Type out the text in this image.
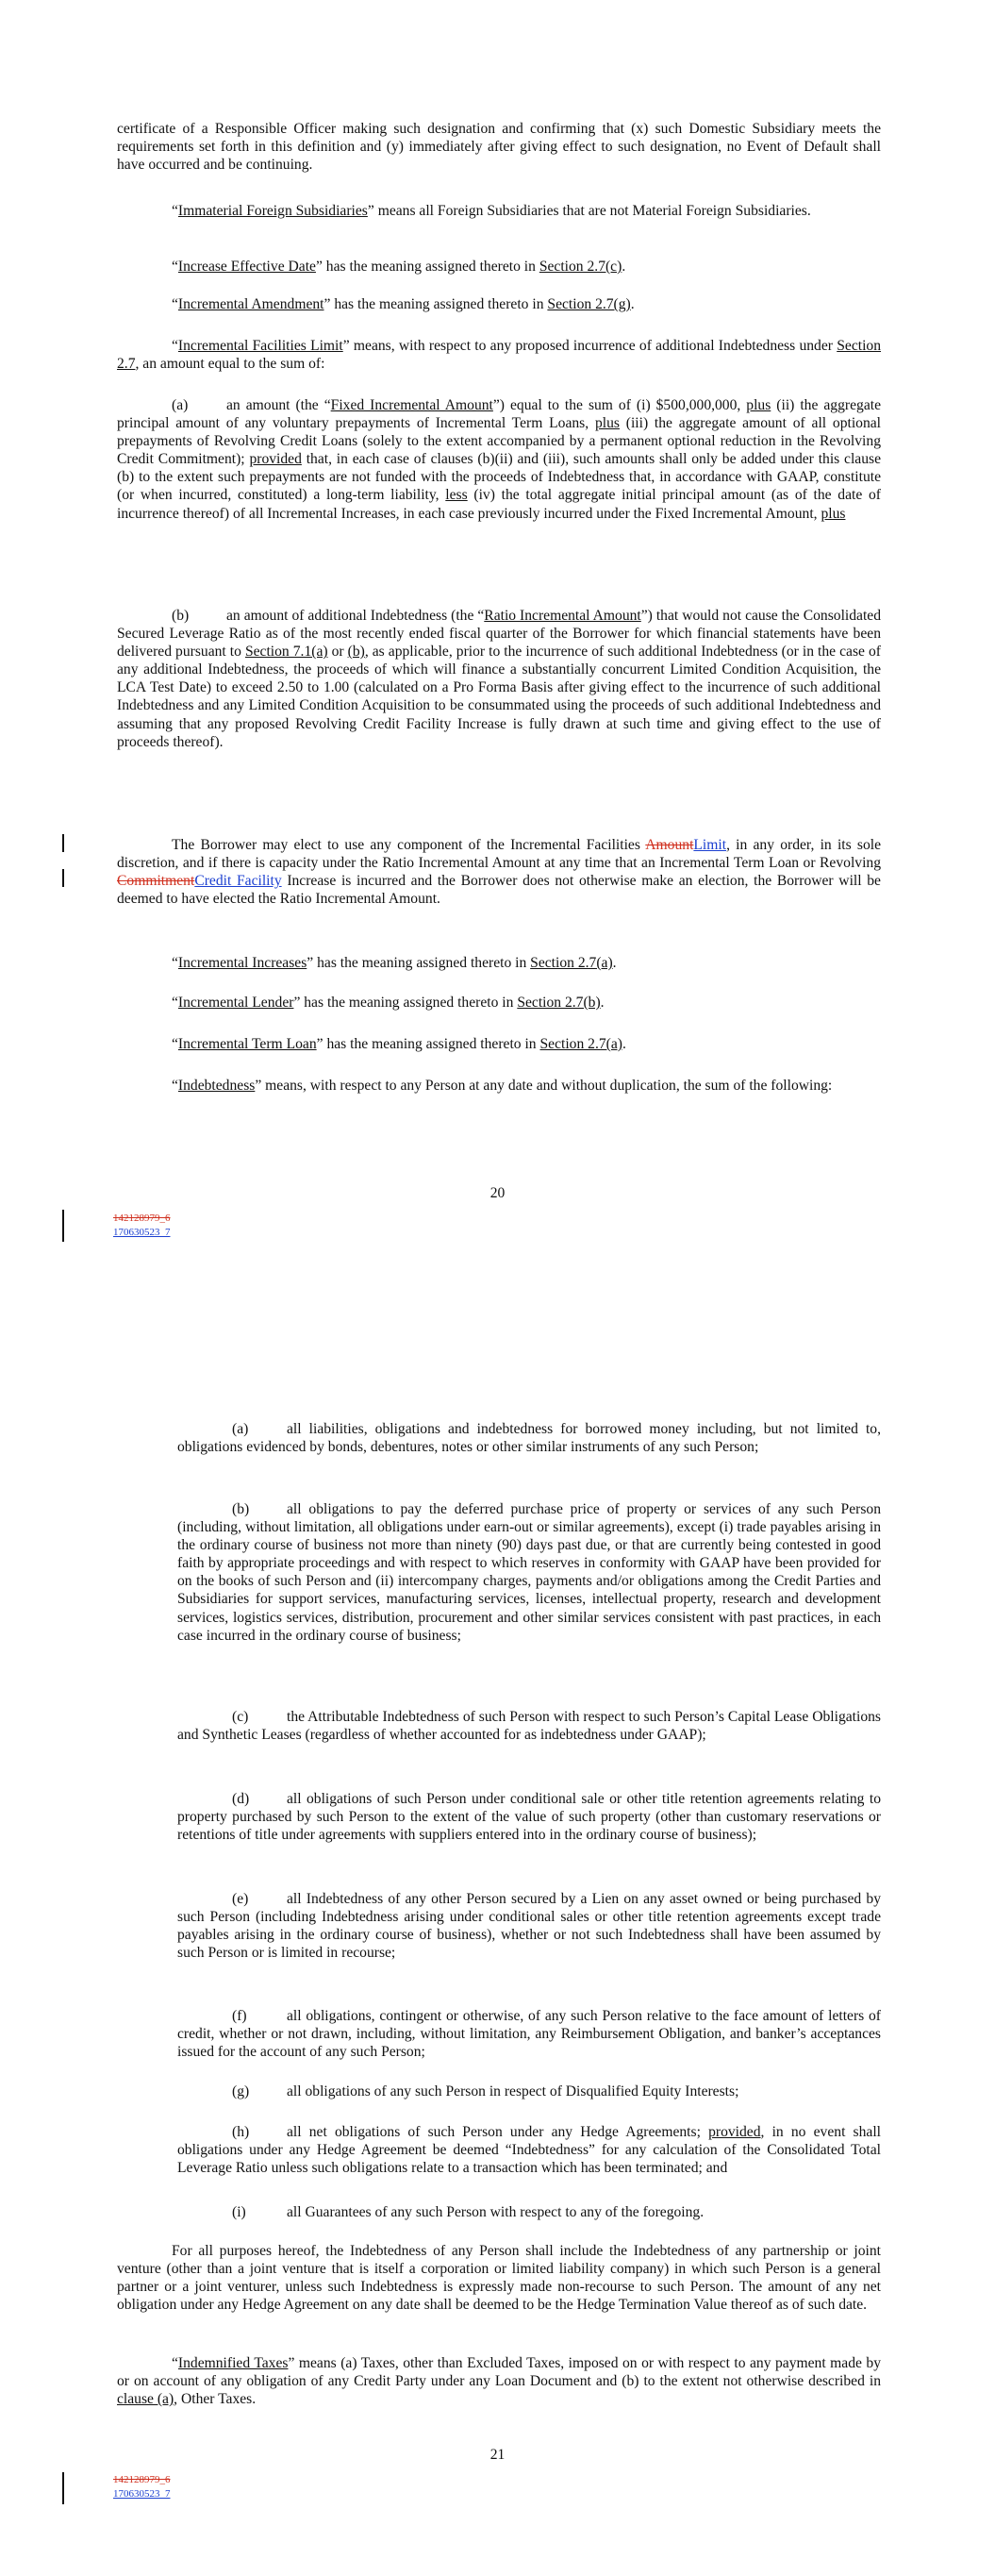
certificate of a Responsible Officer making such designation and confirming that (x) such Domestic Subsidiary meets the requirements set forth in this definition and (y) immediately after giving effect to such designation, no Event of Default shall have occurred and be continuing.

“Immaterial Foreign Subsidiaries” means all Foreign Subsidiaries that are not Material Foreign Subsidiaries.

“Increase Effective Date” has the meaning assigned thereto in Section 2.7(c).

“Incremental Amendment” has the meaning assigned thereto in Section 2.7(g).

“Incremental Facilities Limit” means, with respect to any proposed incurrence of additional Indebtedness under Section 2.7, an amount equal to the sum of:

(a)	an amount (the “Fixed Incremental Amount”) equal to the sum of (i) $500,000,000, plus (ii) the aggregate principal amount of any voluntary prepayments of Incremental Term Loans, plus (iii) the aggregate amount of all optional prepayments of Revolving Credit Loans (solely to the extent accompanied by a permanent optional reduction in the Revolving Credit Commitment); provided that, in each case of clauses (b)(ii) and (iii), such amounts shall only be added under this clause (b) to the extent such prepayments are not funded with the proceeds of Indebtedness that, in accordance with GAAP, constitute (or when incurred, constituted) a long-term liability, less (iv) the total aggregate initial principal amount (as of the date of incurrence thereof) of all Incremental Increases, in each case previously incurred under the Fixed Incremental Amount, plus

(b)	an amount of additional Indebtedness (the “Ratio Incremental Amount”) that would not cause the Consolidated Secured Leverage Ratio as of the most recently ended fiscal quarter of the Borrower for which financial statements have been delivered pursuant to Section 7.1(a) or (b), as applicable, prior to the incurrence of such additional Indebtedness (or in the case of any additional Indebtedness, the proceeds of which will finance a substantially concurrent Limited Condition Acquisition, the LCA Test Date) to exceed 2.50 to 1.00 (calculated on a Pro Forma Basis after giving effect to the incurrence of such additional Indebtedness and any Limited Condition Acquisition to be consummated using the proceeds of such additional Indebtedness and assuming that any proposed Revolving Credit Facility Increase is fully drawn at such time and giving effect to the use of proceeds thereof).

The Borrower may elect to use any component of the Incremental Facilities AmountLimit, in any order, in its sole discretion, and if there is capacity under the Ratio Incremental Amount at any time that an Incremental Term Loan or Revolving CommitmentCredit Facility Increase is incurred and the Borrower does not otherwise make an election, the Borrower will be deemed to have elected the Ratio Incremental Amount.

“Incremental Increases” has the meaning assigned thereto in Section 2.7(a).

“Incremental Lender” has the meaning assigned thereto in Section 2.7(b).

“Incremental Term Loan” has the meaning assigned thereto in Section 2.7(a).

“Indebtedness” means, with respect to any Person at any date and without duplication, the sum of the following:

20
142128979_6
170630523_7

(a)	all liabilities, obligations and indebtedness for borrowed money including, but not limited to, obligations evidenced by bonds, debentures, notes or other similar instruments of any such Person;

(b)	all obligations to pay the deferred purchase price of property or services of any such Person (including, without limitation, all obligations under earn-out or similar agreements), except (i) trade payables arising in the ordinary course of business not more than ninety (90) days past due, or that are currently being contested in good faith by appropriate proceedings and with respect to which reserves in conformity with GAAP have been provided for on the books of such Person and (ii) intercompany charges, payments and/or obligations among the Credit Parties and Subsidiaries for support services, manufacturing services, licenses, intellectual property, research and development services, logistics services, distribution, procurement and other similar services consistent with past practices, in each case incurred in the ordinary course of business;

(c)	the Attributable Indebtedness of such Person with respect to such Person’s Capital Lease Obligations and Synthetic Leases (regardless of whether accounted for as indebtedness under GAAP);

(d)	all obligations of such Person under conditional sale or other title retention agreements relating to property purchased by such Person to the extent of the value of such property (other than customary reservations or retentions of title under agreements with suppliers entered into in the ordinary course of business);

(e)	all Indebtedness of any other Person secured by a Lien on any asset owned or being purchased by such Person (including Indebtedness arising under conditional sales or other title retention agreements except trade payables arising in the ordinary course of business), whether or not such Indebtedness shall have been assumed by such Person or is limited in recourse;

(f)	all obligations, contingent or otherwise, of any such Person relative to the face amount of letters of credit, whether or not drawn, including, without limitation, any Reimbursement Obligation, and banker’s acceptances issued for the account of any such Person;

(g)	all obligations of any such Person in respect of Disqualified Equity Interests;

(h)	all net obligations of such Person under any Hedge Agreements; provided, in no event shall obligations under any Hedge Agreement be deemed “Indebtedness” for any calculation of the Consolidated Total Leverage Ratio unless such obligations relate to a transaction which has been terminated; and

(i)	all Guarantees of any such Person with respect to any of the foregoing.

For all purposes hereof, the Indebtedness of any Person shall include the Indebtedness of any partnership or joint venture (other than a joint venture that is itself a corporation or limited liability company) in which such Person is a general partner or a joint venturer, unless such Indebtedness is expressly made non-recourse to such Person. The amount of any net obligation under any Hedge Agreement on any date shall be deemed to be the Hedge Termination Value thereof as of such date.

“Indemnified Taxes” means (a) Taxes, other than Excluded Taxes, imposed on or with respect to any payment made by or on account of any obligation of any Credit Party under any Loan Document and (b) to the extent not otherwise described in clause (a), Other Taxes.

21
142128979_6
170630523_7
